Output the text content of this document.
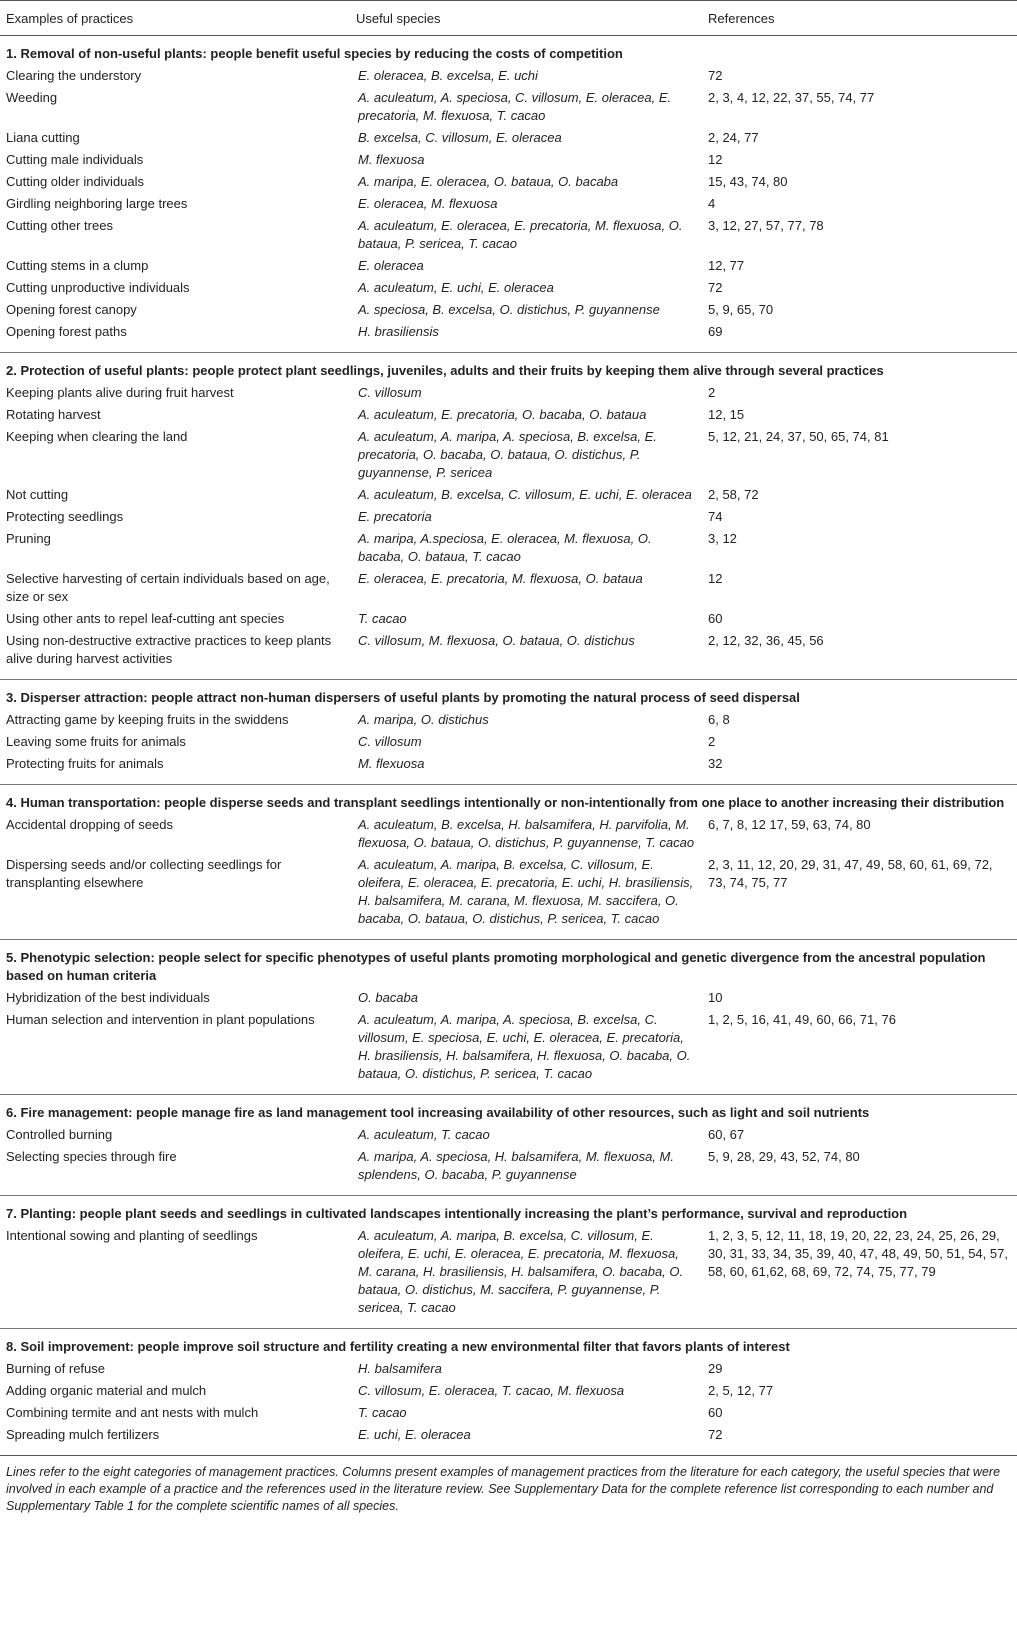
Examples of practices	Useful species	References
1. Removal of non-useful plants: people benefit useful species by reducing the costs of competition		
Clearing the understory	E. oleracea, B. excelsa, E. uchi	72
Weeding	A. aculeatum, A. speciosa, C. villosum, E. oleracea, E. precatoria, M. flexuosa, T. cacao	2, 3, 4, 12, 22, 37, 55, 74, 77
Liana cutting	B. excelsa, C. villosum, E. oleracea	2, 24, 77
Cutting male individuals	M. flexuosa	12
Cutting older individuals	A. maripa, E. oleracea, O. bataua, O. bacaba	15, 43, 74, 80
Girdling neighboring large trees	E. oleracea, M. flexuosa	4
Cutting other trees	A. aculeatum, E. oleracea, E. precatoria, M. flexuosa, O. bataua, P. sericea, T. cacao	3, 12, 27, 57, 77, 78
Cutting stems in a clump	E. oleracea	12, 77
Cutting unproductive individuals	A. aculeatum, E. uchi, E. oleracea	72
Opening forest canopy	A. speciosa, B. excelsa, O. distichus, P. guyannense	5, 9, 65, 70
Opening forest paths	H. brasiliensis	69

2. Protection of useful plants: people protect plant seedlings, juveniles, adults and their fruits by keeping them alive through several practices		
Keeping plants alive during fruit harvest	C. villosum	2
Rotating harvest	A. aculeatum, E. precatoria, O. bacaba, O. bataua	12, 15
Keeping when clearing the land	A. aculeatum, A. maripa, A. speciosa, B. excelsa, E. precatoria, O. bacaba, O. bataua, O. distichus, P. guyannense, P. sericea	5, 12, 21, 24, 37, 50, 65, 74, 81
Not cutting	A. aculeatum, B. excelsa, C. villosum, E. uchi, E. oleracea	2, 58, 72
Protecting seedlings	E. precatoria	74
Pruning	A. maripa, A.speciosa, E. oleracea, M. flexuosa, O. bacaba, O. bataua, T. cacao	3, 12
Selective harvesting of certain individuals based on age, size or sex	E. oleracea, E. precatoria, M. flexuosa, O. bataua	12
Using other ants to repel leaf-cutting ant species	T. cacao	60
Using non-destructive extractive practices to keep plants alive during harvest activities	C. villosum, M. flexuosa, O. bataua, O. distichus	2, 12, 32, 36, 45, 56

3. Disperser attraction: people attract non-human dispersers of useful plants by promoting the natural process of seed dispersal		
Attracting game by keeping fruits in the swiddens	A. maripa, O. distichus	6, 8
Leaving some fruits for animals	C. villosum	2
Protecting fruits for animals	M. flexuosa	32

4. Human transportation: people disperse seeds and transplant seedlings intentionally or non-intentionally from one place to another increasing their distribution		
Accidental dropping of seeds	A. aculeatum, B. excelsa, H. balsamifera, H. parvifolia, M. flexuosa, O. bataua, O. distichus, P. guyannense, T. cacao	6, 7, 8, 12 17, 59, 63, 74, 80
Dispersing seeds and/or collecting seedlings for transplanting elsewhere	A. aculeatum, A. maripa, B. excelsa, C. villosum, E. oleifera, E. oleracea, E. precatoria, E. uchi, H. brasiliensis, H. balsamifera, M. carana, M. flexuosa, M. saccifera, O. bacaba, O. bataua, O. distichus, P. sericea, T. cacao	2, 3, 11, 12, 20, 29, 31, 47, 49, 58, 60, 61, 69, 72, 73, 74, 75, 77

5. Phenotypic selection: people select for specific phenotypes of useful plants promoting morphological and genetic divergence from the ancestral population based on human criteria		
Hybridization of the best individuals	O. bacaba	10
Human selection and intervention in plant populations	A. aculeatum, A. maripa, A. speciosa, B. excelsa, C. villosum, E. speciosa, E. uchi, E. oleracea, E. precatoria, H. brasiliensis, H. balsamifera, H. flexuosa, O. bacaba, O. bataua, O. distichus, P. sericea, T. cacao	1, 2, 5, 16, 41, 49, 60, 66, 71, 76

6. Fire management: people manage fire as land management tool increasing availability of other resources, such as light and soil nutrients		
Controlled burning	A. aculeatum, T. cacao	60, 67
Selecting species through fire	A. maripa, A. speciosa, H. balsamifera, M. flexuosa, M. splendens, O. bacaba, P. guyannense	5, 9, 28, 29, 43, 52, 74, 80

7. Planting: people plant seeds and seedlings in cultivated landscapes intentionally increasing the plant’s performance, survival and reproduction		
Intentional sowing and planting of seedlings	A. aculeatum, A. maripa, B. excelsa, C. villosum, E. oleifera, E. uchi, E. oleracea, E. precatoria, M. flexuosa, M. carana, H. brasiliensis, H. balsamifera, O. bacaba, O. bataua, O. distichus, M. saccifera, P. guyannense, P. sericea, T. cacao	1, 2, 3, 5, 12, 11, 18, 19, 20, 22, 23, 24, 25, 26, 29, 30, 31, 33, 34, 35, 39, 40, 47, 48, 49, 50, 51, 54, 57, 58, 60, 61,62, 68, 69, 72, 74, 75, 77, 79

8. Soil improvement: people improve soil structure and fertility creating a new environmental filter that favors plants of interest		
Burning of refuse	H. balsamifera	29
Adding organic material and mulch	C. villosum, E. oleracea, T. cacao, M. flexuosa	2, 5, 12, 77
Combining termite and ant nests with mulch	T. cacao	60
Spreading mulch fertilizers	E. uchi, E. oleracea	72
Lines refer to the eight categories of management practices. Columns present examples of management practices from the literature for each category, the useful species that were involved in each example of a practice and the references used in the literature review. See Supplementary Data for the complete reference list corresponding to each number and Supplementary Table 1 for the complete scientific names of all species.
